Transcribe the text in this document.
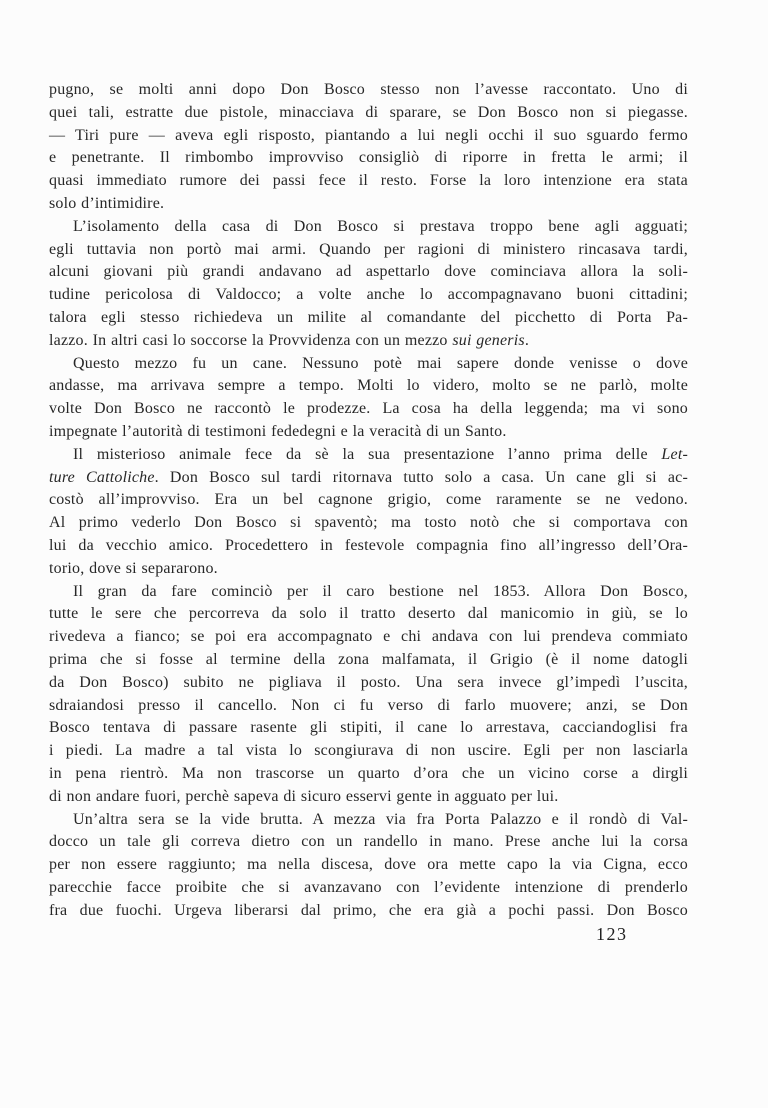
pugno, se molti anni dopo Don Bosco stesso non l’avesse raccontato. Uno di
quei tali, estratte due pistole, minacciava di sparare, se Don Bosco non si piegasse.
— Tiri pure — aveva egli risposto, piantando a lui negli occhi il suo sguardo fermo
e penetrante. Il rimbombo improvviso consigliò di riporre in fretta le armi; il
quasi immediato rumore dei passi fece il resto. Forse la loro intenzione era stata
solo d’intimidire.
L’isolamento della casa di Don Bosco si prestava troppo bene agli agguati;
egli tuttavia non portò mai armi. Quando per ragioni di ministero rincasava tardi,
alcuni giovani più grandi andavano ad aspettarlo dove cominciava allora la soli-
tudine pericolosa di Valdocco; a volte anche lo accompagnavano buoni cittadini;
talora egli stesso richiedeva un milite al comandante del picchetto di Porta Pa-
lazzo. In altri casi lo soccorse la Provvidenza con un mezzo sui generis.
Questo mezzo fu un cane. Nessuno potè mai sapere donde venisse o dove
andasse, ma arrivava sempre a tempo. Molti lo videro, molto se ne parlò, molte
volte Don Bosco ne raccontò le prodezze. La cosa ha della leggenda; ma vi sono
impegnate l’autorità di testimoni fededegni e la veracità di un Santo.
Il misterioso animale fece da sè la sua presentazione l’anno prima delle Let-
ture Cattoliche. Don Bosco sul tardi ritornava tutto solo a casa. Un cane gli si ac-
costò all’improvviso. Era un bel cagnone grigio, come raramente se ne vedono.
Al primo vederlo Don Bosco si spaventò; ma tosto notò che si comportava con
lui da vecchio amico. Procedettero in festevole compagnia fino all’ingresso dell’Ora-
torio, dove si separarono.
Il gran da fare cominciò per il caro bestione nel 1853. Allora Don Bosco,
tutte le sere che percorreva da solo il tratto deserto dal manicomio in giù, se lo
rivedeva a fianco; se poi era accompagnato e chi andava con lui prendeva commiato
prima che si fosse al termine della zona malfamata, il Grigio (è il nome datogli
da Don Bosco) subito ne pigliava il posto. Una sera invece gl’impedì l’uscita,
sdraiandosi presso il cancello. Non ci fu verso di farlo muovere; anzi, se Don
Bosco tentava di passare rasente gli stipiti, il cane lo arrestava, cacciandoglisi fra
i piedi. La madre a tal vista lo scongiurava di non uscire. Egli per non lasciarla
in pena rientrò. Ma non trascorse un quarto d’ora che un vicino corse a dirgli
di non andare fuori, perchè sapeva di sicuro esservi gente in agguato per lui.
Un’altra sera se la vide brutta. A mezza via fra Porta Palazzo e il rondò di Val-
docco un tale gli correva dietro con un randello in mano. Prese anche lui la corsa
per non essere raggiunto; ma nella discesa, dove ora mette capo la via Cigna, ecco
parecchie facce proibite che si avanzavano con l’evidente intenzione di prenderlo
fra due fuochi. Urgeva liberarsi dal primo, che era già a pochi passi. Don Bosco
123
